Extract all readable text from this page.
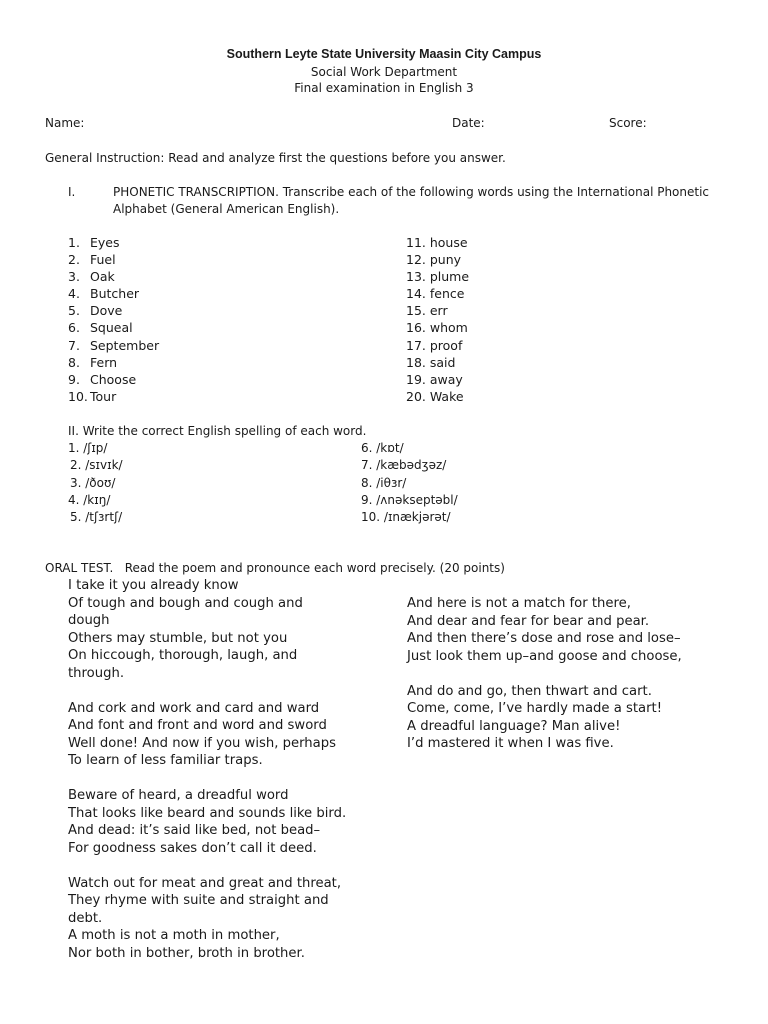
Southern Leyte State University Maasin City Campus
Social Work Department
Final examination in English 3
Name:	Date:	Score:
General Instruction: Read and analyze first the questions before you answer.
I.	PHONETIC TRANSCRIPTION. Transcribe each of the following words using the International Phonetic
Alphabet (General American English).
1. Eyes
2. Fuel
3. Oak
4. Butcher
5. Dove
6. Squeal
7. September
8. Fern
9. Choose
10. Tour
11. house
12. puny
13. plume
14. fence
15. err
16. whom
17. proof
18. said
19. away
20. Wake
II. Write the correct English spelling of each word.
1. /ʃɪp/
2. /sɪvɪk/
3. /ðoʊ/
4. /kɪŋ/
5. /tʃɜrtʃ/
6. /kɒt/
7. /kæbədʒəz/
8. /iθɜr/
9. /ʌnəkseptəbl/
10. /ɪnækjərət/
ORAL TEST.   Read the poem and pronounce each word precisely. (20 points)
I take it you already know
Of tough and bough and cough and
dough
Others may stumble, but not you
On hiccough, thorough, laugh, and
through.
And cork and work and card and ward
And font and front and word and sword
Well done! And now if you wish, perhaps
To learn of less familiar traps.
Beware of heard, a dreadful word
That looks like beard and sounds like bird.
And dead: it’s said like bed, not bead–
For goodness sakes don’t call it deed.
Watch out for meat and great and threat,
They rhyme with suite and straight and
debt.
A moth is not a moth in mother,
Nor both in bother, broth in brother.
And here is not a match for there,
And dear and fear for bear and pear.
And then there’s dose and rose and lose–
Just look them up–and goose and choose,
And do and go, then thwart and cart.
Come, come, I’ve hardly made a start!
A dreadful language? Man alive!
I’d mastered it when I was five.
